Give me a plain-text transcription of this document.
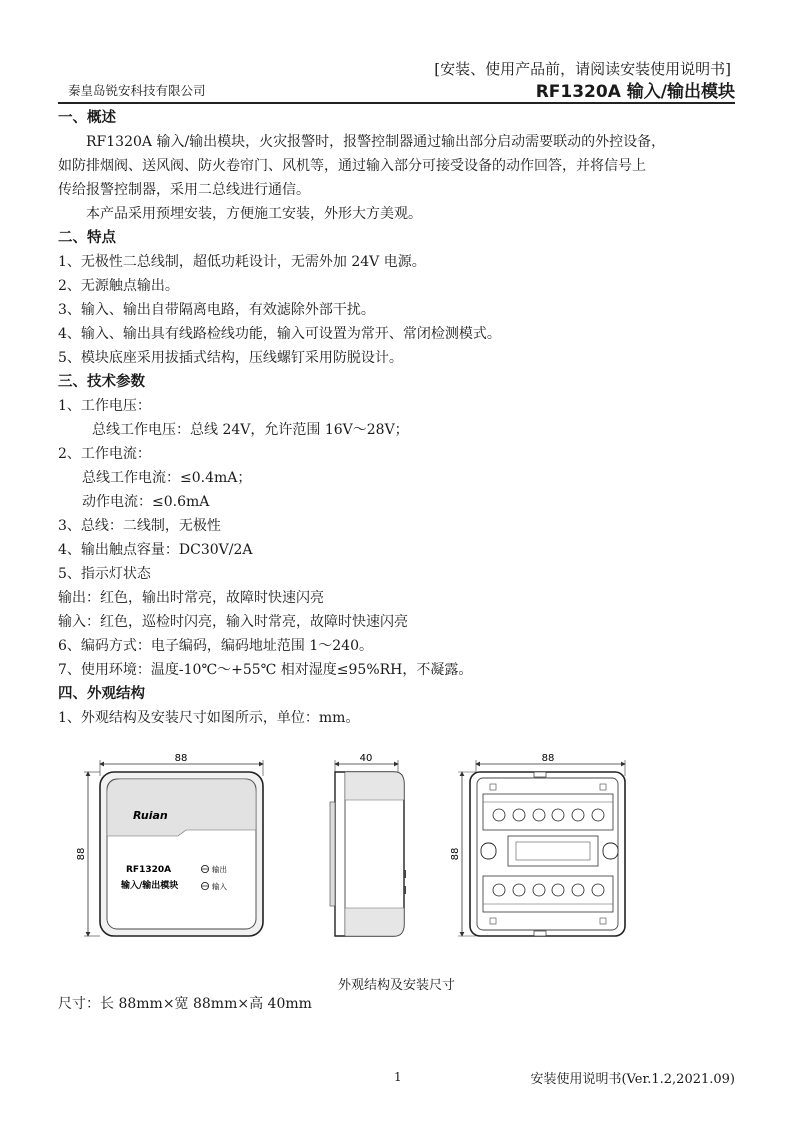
[安装、使用产品前，请阅读安装使用说明书]
秦皇岛锐安科技有限公司	RF1320A 输入/输出模块
一、概述
RF1320A 输入/输出模块，火灾报警时，报警控制器通过输出部分启动需要联动的外控设备，
如防排烟阀、送风阀、防火卷帘门、风机等，通过输入部分可接受设备的动作回答，并将信号上
传给报警控制器，采用二总线进行通信。
本产品采用预埋安装，方便施工安装，外形大方美观。
二、特点
1、无极性二总线制，超低功耗设计，无需外加 24V 电源。
2、无源触点输出。
3、输入、输出自带隔离电路，有效滤除外部干扰。
4、输入、输出具有线路检线功能，输入可设置为常开、常闭检测模式。
5、模块底座采用拔插式结构，压线螺钉采用防脱设计。
三、技术参数
1、工作电压：
总线工作电压：总线 24V，允许范围 16V～28V；
2、工作电流：
总线工作电流：≤0.4mA；
动作电流：≤0.6mA
3、总线：二线制，无极性
4、输出触点容量：DC30V/2A
5、指示灯状态
输出：红色，输出时常亮，故障时快速闪亮
输入：红色，巡检时闪亮，输入时常亮，故障时快速闪亮
6、编码方式：电子编码，编码地址范围 1～240。
7、使用环境：温度-10℃～+55℃ 相对湿度≤95%RH，不凝露。
四、外观结构
1、外观结构及安装尺寸如图所示，单位：mm。
88
88
Ruian
RF1320A
输入/输出模块
输出
输入
40	88
88
外观结构及安装尺寸
尺寸：长 88mm×宽 88mm×高 40mm
1	安装使用说明书(Ver.1.2,2021.09)
